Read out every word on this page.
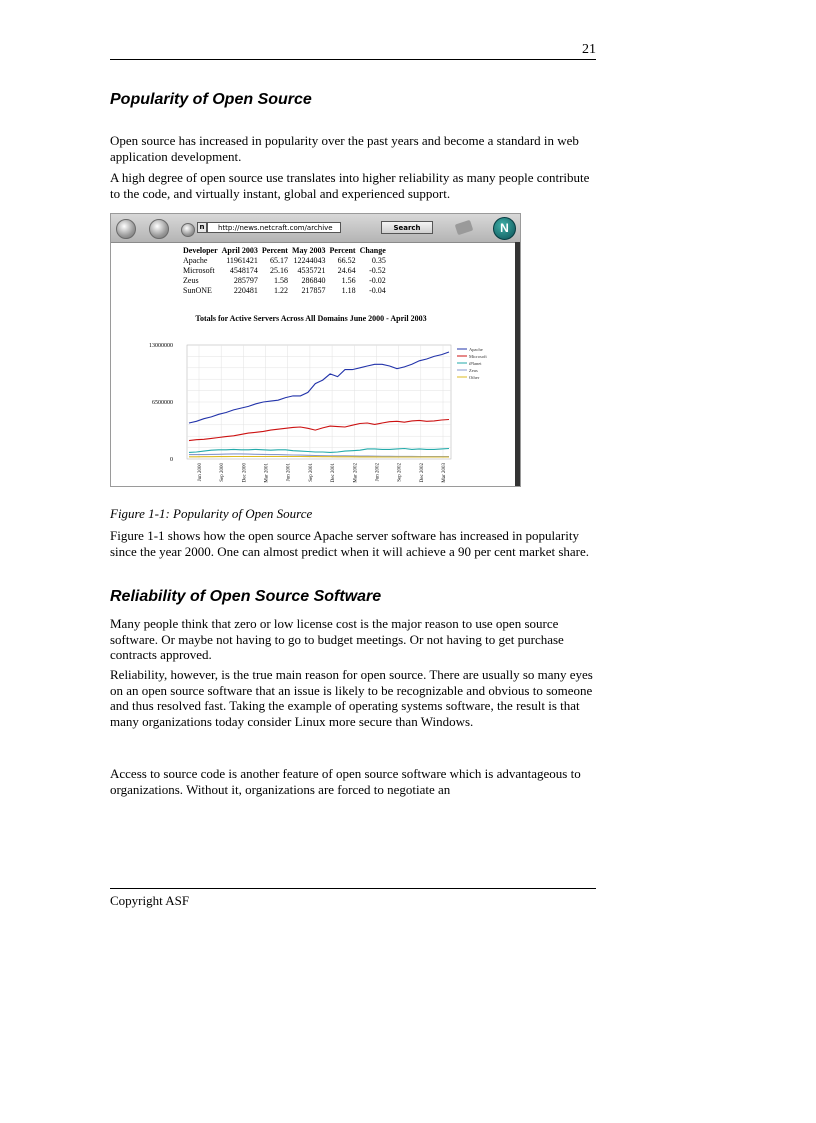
21
Popularity of Open Source

Open source has increased in popularity over the past years and become a standard in web application development.

A high degree of open source use translates into higher reliability as many people contribute to the code, and virtually instant, global and experienced support.

n	http://news.netcraft.com/archive	Search	N
Developer	April 2003	Percent	May 2003	Percent	Change
Apache	11961421	65.17	12244043	66.52	0.35
Microsoft	4548174	25.16	4535721	24.64	-0.52
Zeus	285797	1.58	286840	1.56	-0.02
SunONE	220481	1.22	217857	1.18	-0.04
Totals for Active Servers Across All Domains June 2000 - April 2003
13000000
6500000
0
Apache
Microsoft
iPlanet
Zeus
Other
Jun 2000	Sep 2000	Dec 2000	Mar 2001	Jun 2001	Sep 2001	Dec 2001	Mar 2002	Jun 2002	Sep 2002	Dec 2002	Mar 2003

Figure 1-1: Popularity of Open Source

Figure 1-1 shows how the open source Apache server software has increased in popularity since the year 2000. One can almost predict when it will achieve a 90 per cent market share.

Reliability of Open Source Software

Many people think that zero or low license cost is the major reason to use open source software. Or maybe not having to go to budget meetings. Or not having to get purchase contracts approved.

Reliability, however, is the true main reason for open source. There are usually so many eyes on an open source software that an issue is likely to be recognizable and obvious to someone and thus resolved fast. Taking the example of operating systems software, the result is that many organizations today consider Linux more secure than Windows.

Access to source code is another feature of open source software which is advantageous to organizations. Without it, organizations are forced to negotiate an

Copyright ASF
